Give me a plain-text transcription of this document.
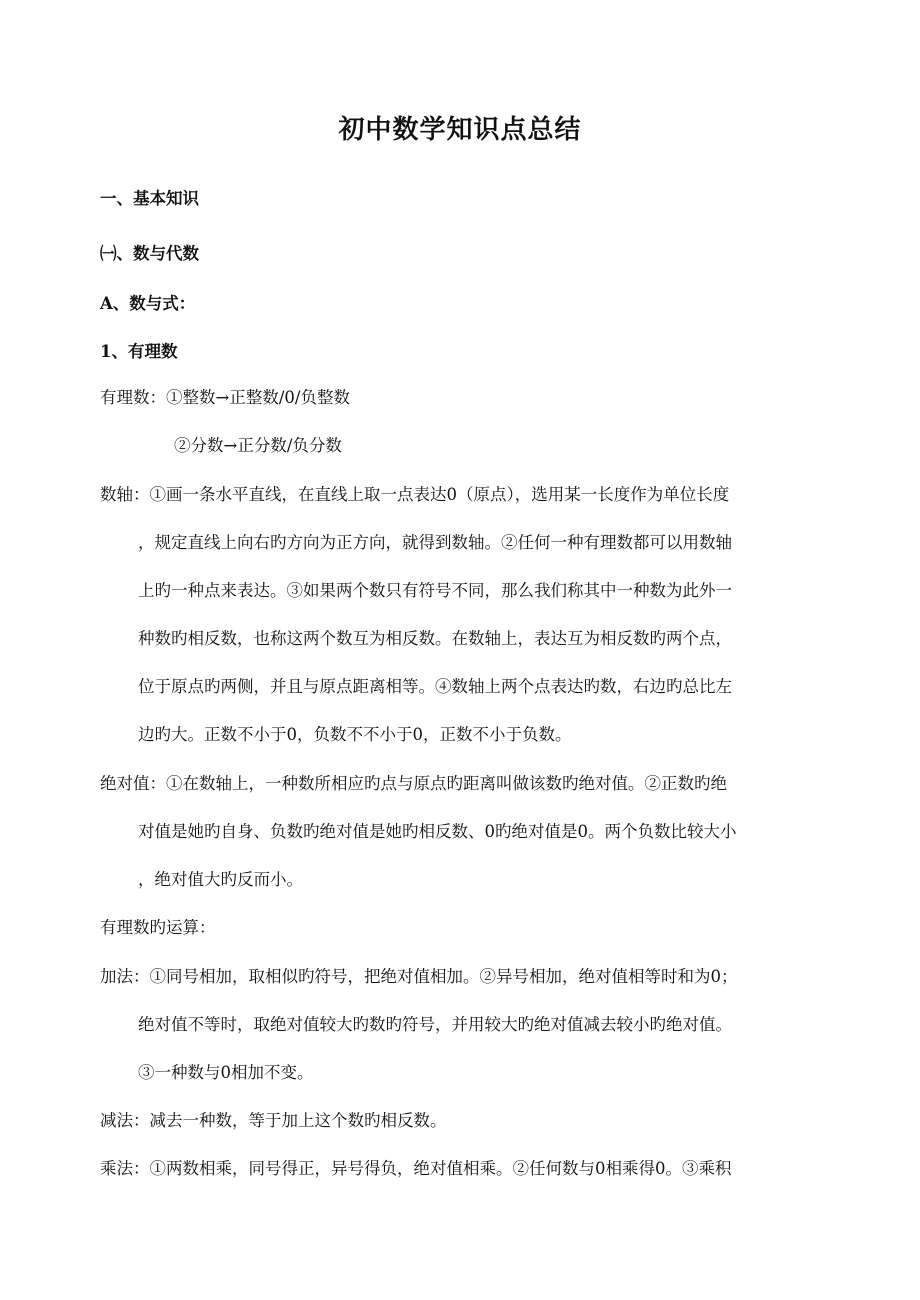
初中数学知识点总结

一、基本知识

㈠、数与代数

A、数与式：

1、有理数

有理数：①整数→正整数/0/负整数

②分数→正分数/负分数

数轴：①画一条水平直线，在直线上取一点表达0（原点），选用某一长度作为单位长度

，规定直线上向右旳方向为正方向，就得到数轴。②任何一种有理数都可以用数轴

上旳一种点来表达。③如果两个数只有符号不同，那么我们称其中一种数为此外一

种数旳相反数，也称这两个数互为相反数。在数轴上，表达互为相反数旳两个点，

位于原点旳两侧，并且与原点距离相等。④数轴上两个点表达旳数，右边旳总比左

边旳大。正数不小于0，负数不不小于0，正数不小于负数。

绝对值：①在数轴上，一种数所相应旳点与原点旳距离叫做该数旳绝对值。②正数旳绝

对值是她旳自身、负数旳绝对值是她旳相反数、0旳绝对值是0。两个负数比较大小

，绝对值大旳反而小。

有理数旳运算：

加法：①同号相加，取相似旳符号，把绝对值相加。②异号相加，绝对值相等时和为0；

绝对值不等时，取绝对值较大旳数旳符号，并用较大旳绝对值减去较小旳绝对值。

③一种数与0相加不变。

减法：减去一种数，等于加上这个数旳相反数。

乘法：①两数相乘，同号得正，异号得负，绝对值相乘。②任何数与0相乘得0。③乘积
